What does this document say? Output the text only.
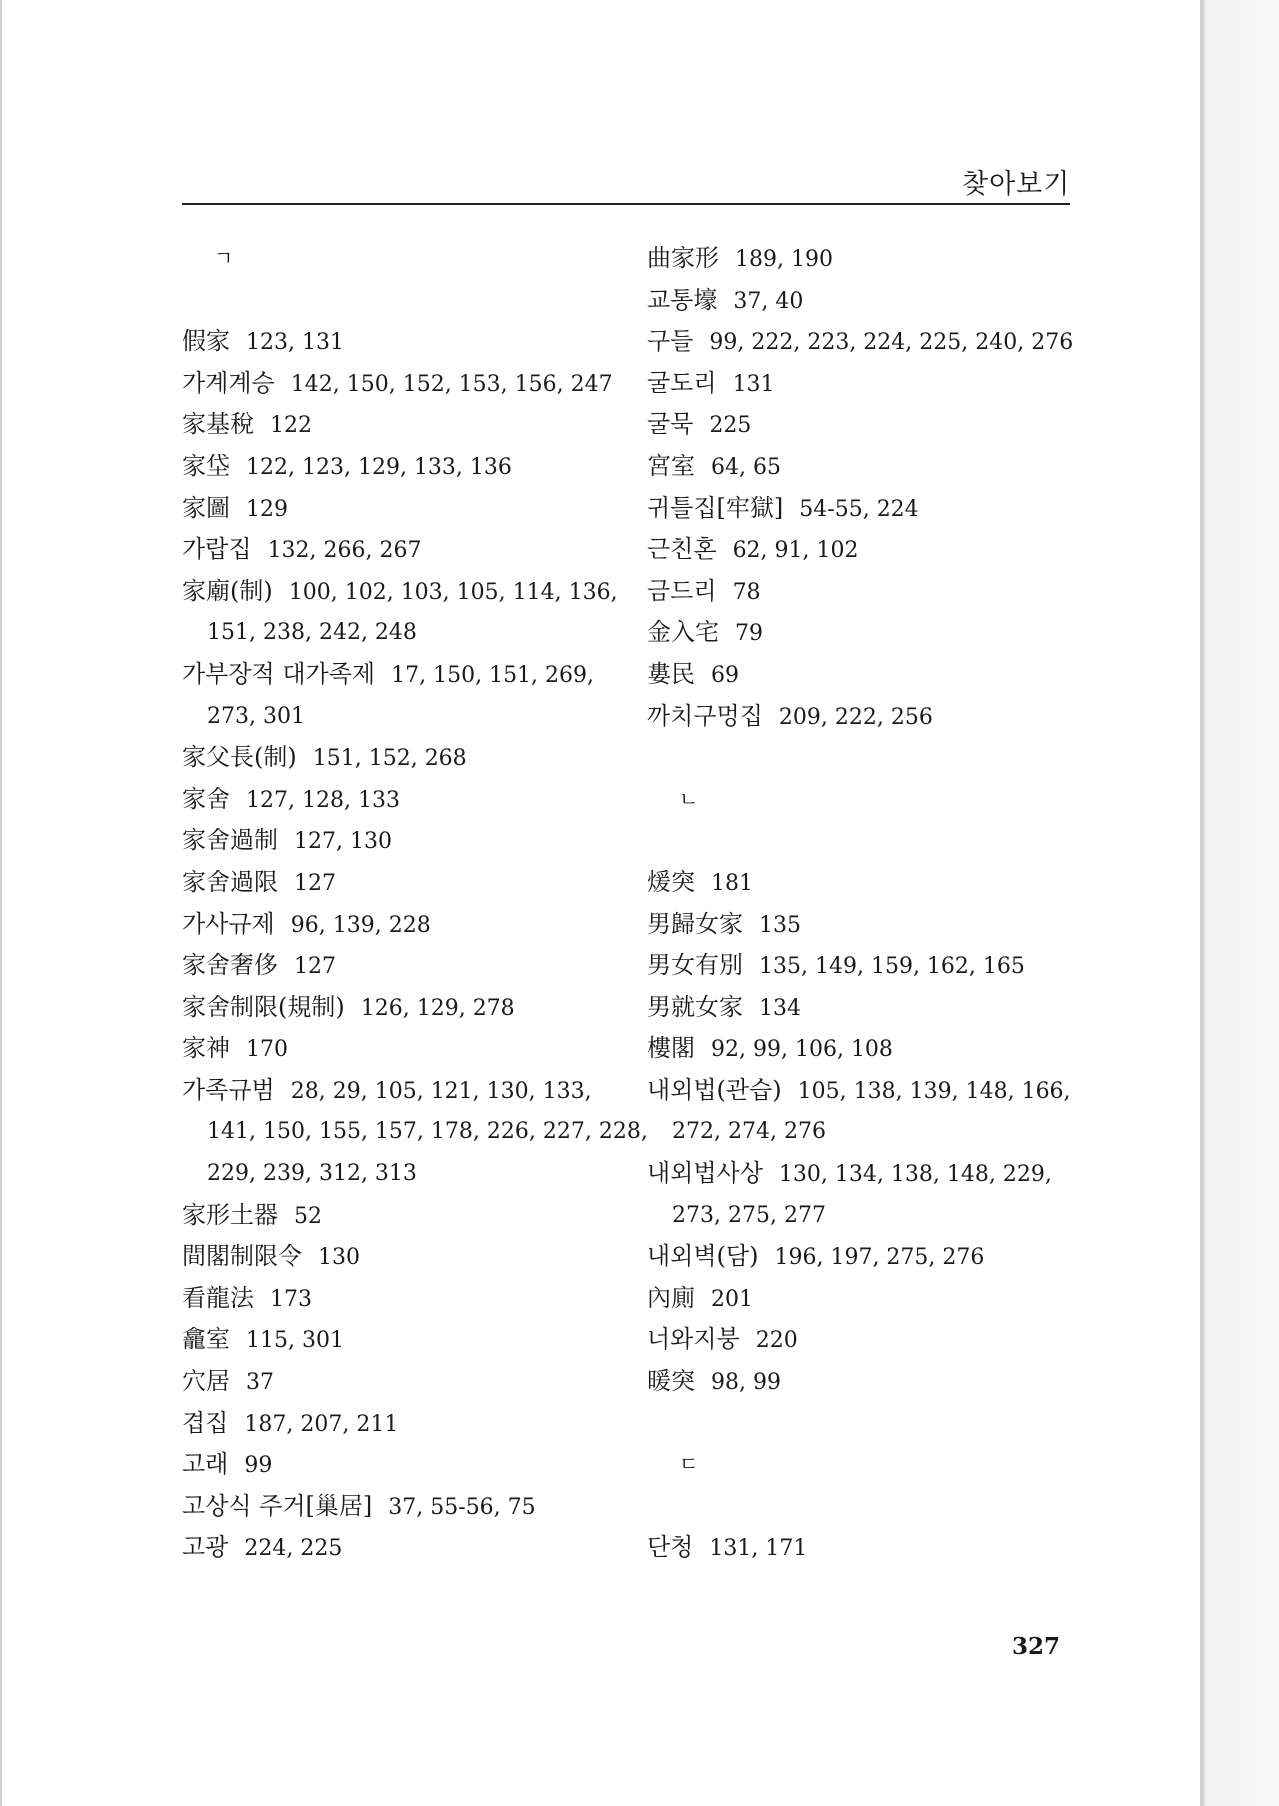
찾아보기
ㄱ
假家 123, 131
가계계승 142, 150, 152, 153, 156, 247
家基稅 122
家垈 122, 123, 129, 133, 136
家圖 129
가랍집 132, 266, 267
家廟(制) 100, 102, 103, 105, 114, 136,
151, 238, 242, 248
가부장적 대가족제 17, 150, 151, 269,
273, 301
家父長(制) 151, 152, 268
家舍 127, 128, 133
家舍過制 127, 130
家舍過限 127
가사규제 96, 139, 228
家舍奢侈 127
家舍制限(規制) 126, 129, 278
家神 170
가족규범 28, 29, 105, 121, 130, 133,
141, 150, 155, 157, 178, 226, 227, 228,
229, 239, 312, 313
家形土器 52
間閣制限令 130
看龍法 173
龕室 115, 301
穴居 37
겹집 187, 207, 211
고래 99
고상식 주거[巢居] 37, 55-56, 75
고광 224, 225
曲家形 189, 190
교통壕 37, 40
구들 99, 222, 223, 224, 225, 240, 276
굴도리 131
굴묵 225
宮室 64, 65
귀틀집[牢獄] 54-55, 224
근친혼 62, 91, 102
금드리 78
金入宅 79
婁民 69
까치구멍집 209, 222, 256
ㄴ
煖突 181
男歸女家 135
男女有別 135, 149, 159, 162, 165
男就女家 134
樓閣 92, 99, 106, 108
내외법(관습) 105, 138, 139, 148, 166,
272, 274, 276
내외법사상 130, 134, 138, 148, 229,
273, 275, 277
내외벽(담) 196, 197, 275, 276
內廁 201
너와지붕 220
暖突 98, 99
ㄷ
단청 131, 171
327
